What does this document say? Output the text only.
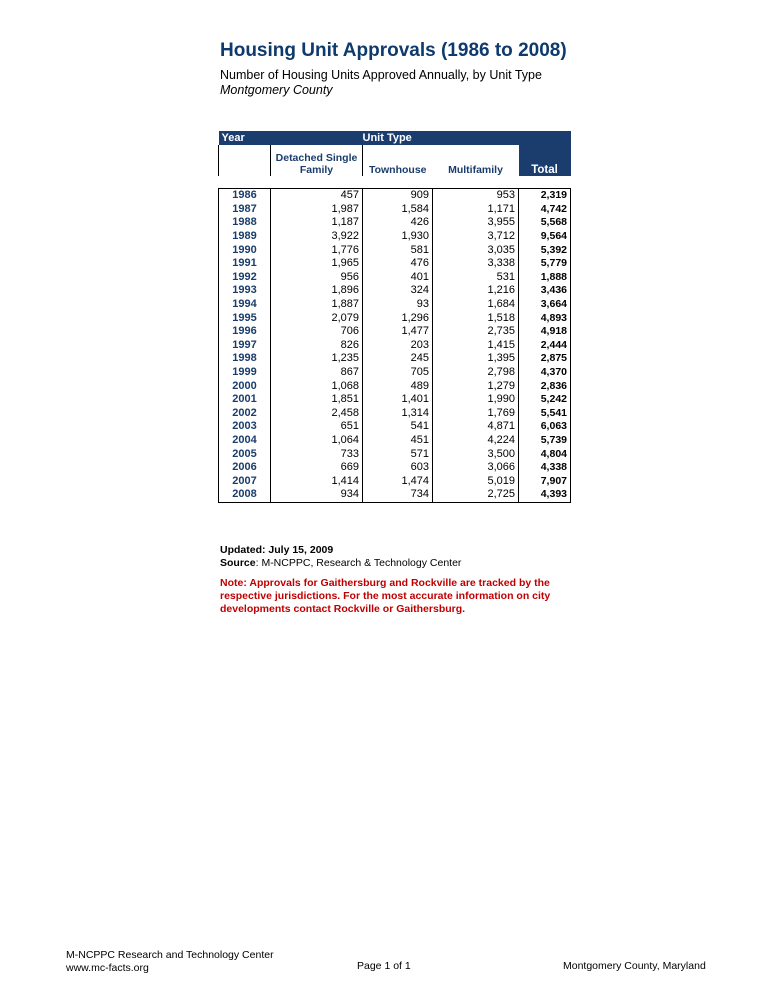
Housing Unit Approvals (1986 to 2008)
Number of Housing Units Approved Annually, by Unit Type
Montgomery County
Year		Unit Type		
	Detached Single
Family	Townhouse	Multifamily	Total

1986	457	909	953	2,319
1987	1,987	1,584	1,171	4,742
1988	1,187	426	3,955	5,568
1989	3,922	1,930	3,712	9,564
1990	1,776	581	3,035	5,392
1991	1,965	476	3,338	5,779
1992	956	401	531	1,888
1993	1,896	324	1,216	3,436
1994	1,887	93	1,684	3,664
1995	2,079	1,296	1,518	4,893
1996	706	1,477	2,735	4,918
1997	826	203	1,415	2,444
1998	1,235	245	1,395	2,875
1999	867	705	2,798	4,370
2000	1,068	489	1,279	2,836
2001	1,851	1,401	1,990	5,242
2002	2,458	1,314	1,769	5,541
2003	651	541	4,871	6,063
2004	1,064	451	4,224	5,739
2005	733	571	3,500	4,804
2006	669	603	3,066	4,338
2007	1,414	1,474	5,019	7,907
2008	934	734	2,725	4,393
Updated: July 15, 2009
Source: M-NCPPC, Research & Technology Center
Note: Approvals for Gaithersburg and Rockville are tracked by the respective jurisdictions. For the most accurate information on city developments contact Rockville or Gaithersburg.
M-NCPPC Research and Technology Center
www.mc-facts.org	Page 1 of 1	Montgomery County, Maryland
